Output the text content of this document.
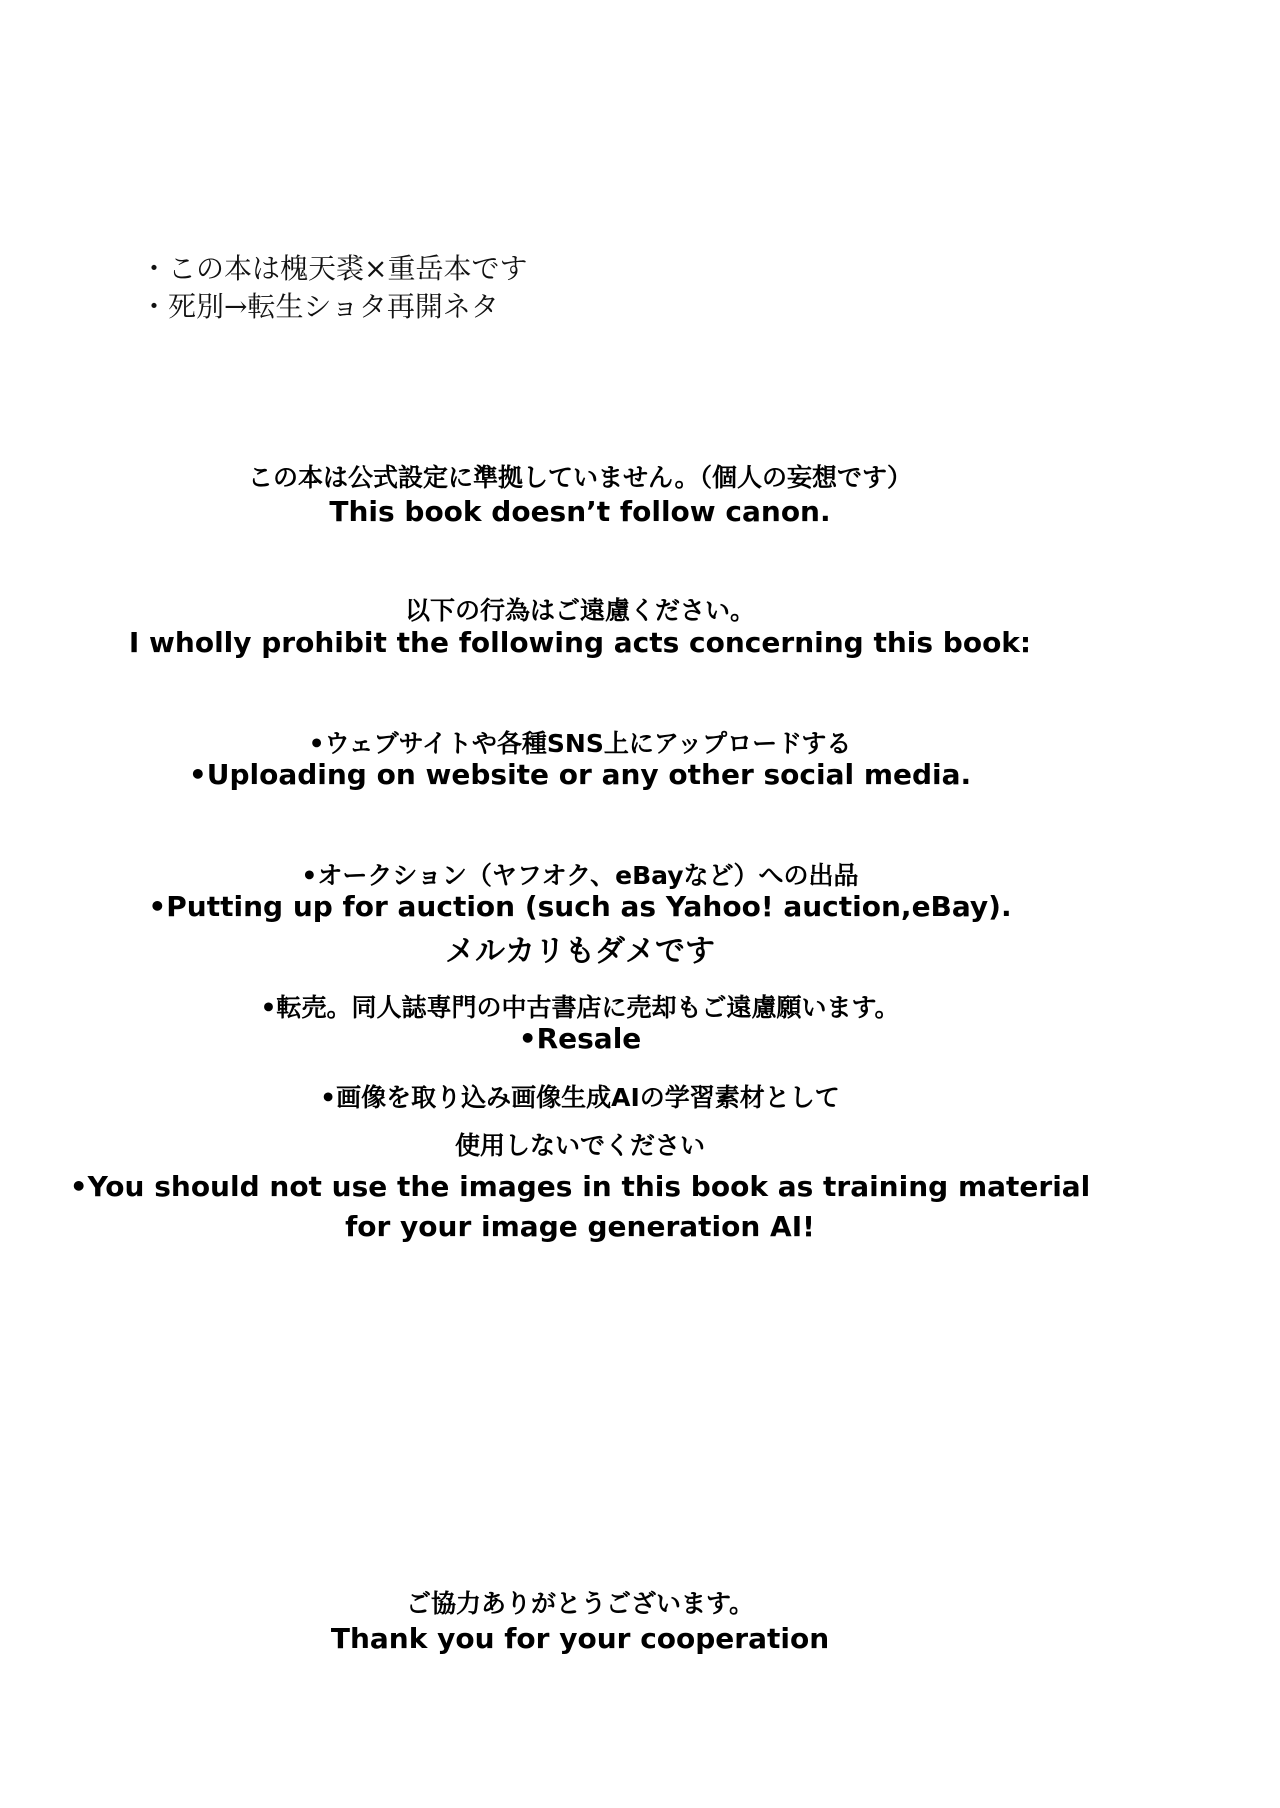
・この本は槐天裘×重岳本です
・死別→転生ショタ再開ネタ
この本は公式設定に準拠していません。（個人の妄想です）
This book doesn’t follow canon.
以下の行為はご遠慮ください。
I wholly prohibit the following acts concerning this book:
•ウェブサイトや各種SNS上にアップロードする
•Uploading on website or any other social media.
•オークション（ヤフオク、eBayなど）への出品
•Putting up for auction (such as Yahoo! auction,eBay).
メルカリもダメです
•転売。同人誌専門の中古書店に売却もご遠慮願います。
•Resale
•画像を取り込み画像生成AIの学習素材として
使用しないでください
•You should not use the images in this book as training material
for your image generation AI!
ご協力ありがとうございます。
Thank you for your cooperation
